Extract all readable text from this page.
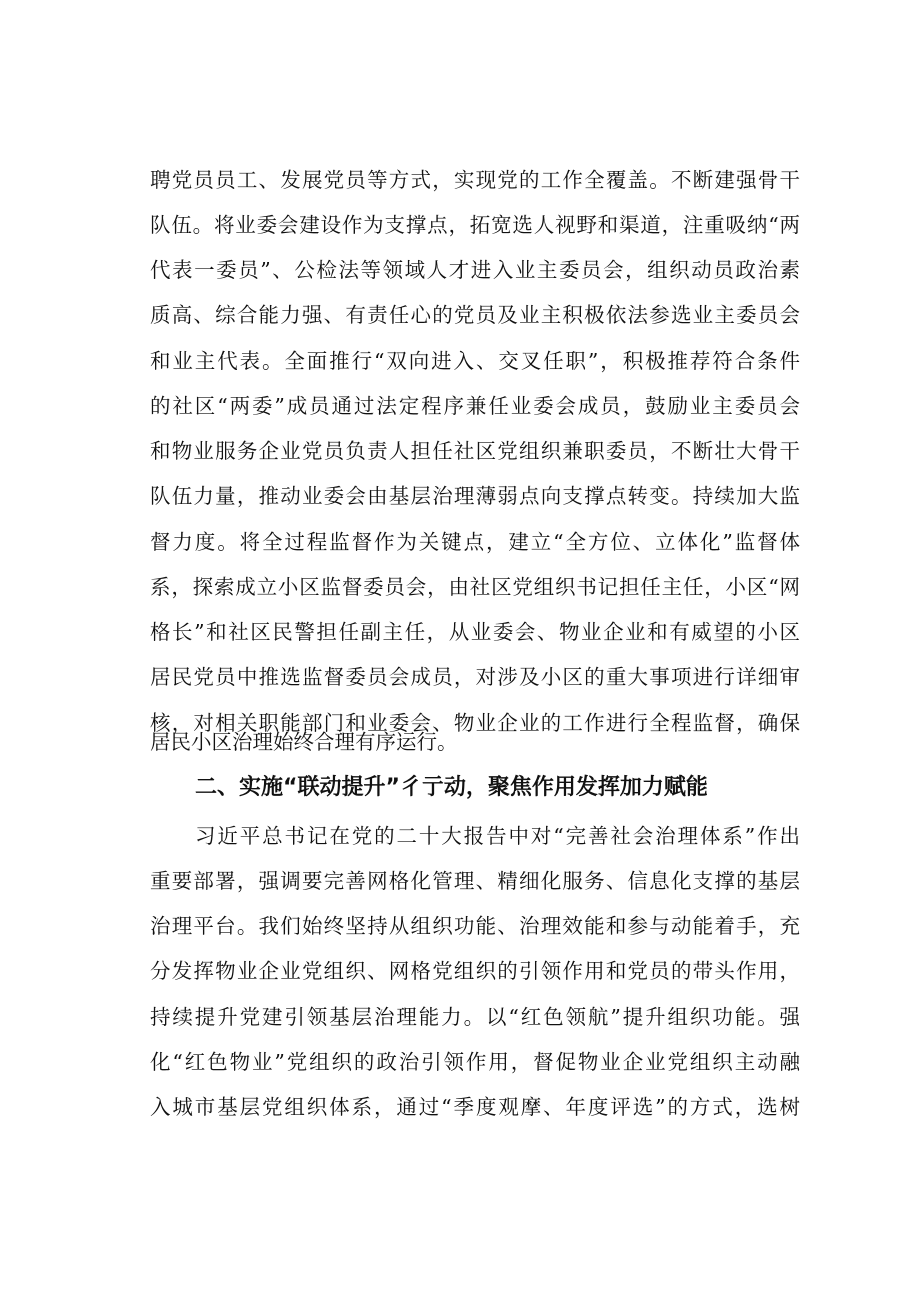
聘党员员工、发展党员等方式，实现党的工作全覆盖。不断建强骨干
队伍。将业委会建设作为支撑点，拓宽选人视野和渠道，注重吸纳“两
代表一委员”、公检法等领域人才进入业主委员会，组织动员政治素
质高、综合能力强、有责任心的党员及业主积极依法参选业主委员会
和业主代表。全面推行“双向进入、交叉任职”，积极推荐符合条件
的社区“两委”成员通过法定程序兼任业委会成员，鼓励业主委员会
和物业服务企业党员负责人担任社区党组织兼职委员，不断壮大骨干
队伍力量，推动业委会由基层治理薄弱点向支撑点转变。持续加大监
督力度。将全过程监督作为关键点，建立“全方位、立体化”监督体
系，探索成立小区监督委员会，由社区党组织书记担任主任，小区“网
格长”和社区民警担任副主任，从业委会、物业企业和有威望的小区
居民党员中推选监督委员会成员，对涉及小区的重大事项进行详细审
核，对相关职能部门和业委会、物业企业的工作进行全程监督，确保
居民小区治理始终合理有序运行。
二、实施“联动提升”彳亍动，聚焦作用发挥加力赋能
习近平总书记在党的二十大报告中对“完善社会治理体系”作出
重要部署，强调要完善网格化管理、精细化服务、信息化支撑的基层
治理平台。我们始终坚持从组织功能、治理效能和参与动能着手，充
分发挥物业企业党组织、网格党组织的引领作用和党员的带头作用，
持续提升党建引领基层治理能力。以“红色领航”提升组织功能。强
化“红色物业”党组织的政治引领作用，督促物业企业党组织主动融
入城市基层党组织体系，通过“季度观摩、年度评选”的方式，选树
